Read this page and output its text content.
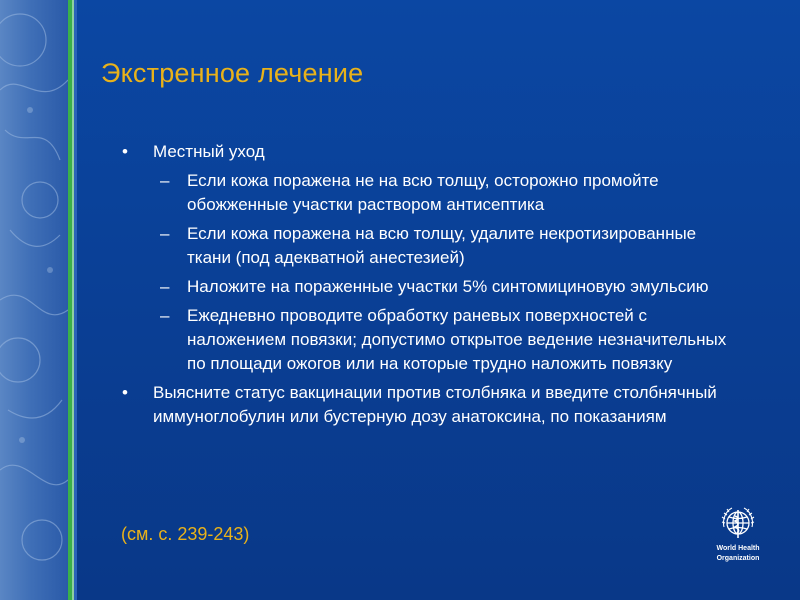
Экстренное лечение
• Местный уход
– Если кожа поражена не на всю толщу, осторожно промойте обожженные участки раствором антисептика
– Если кожа поражена на всю толщу, удалите некротизированные ткани (под адекватной анестезией)
– Наложите на пораженные участки 5% синтомициновую эмульсию
– Ежедневно проводите обработку раневых поверхностей с наложением повязки; допустимо открытое ведение незначительных по площади ожогов или на которые трудно наложить повязку
• Выясните статус вакцинации против столбняка и введите столбнячный иммуноглобулин или бустерную дозу анатоксина, по показаниям
(см. с. 239-243)
World Health
Organization
